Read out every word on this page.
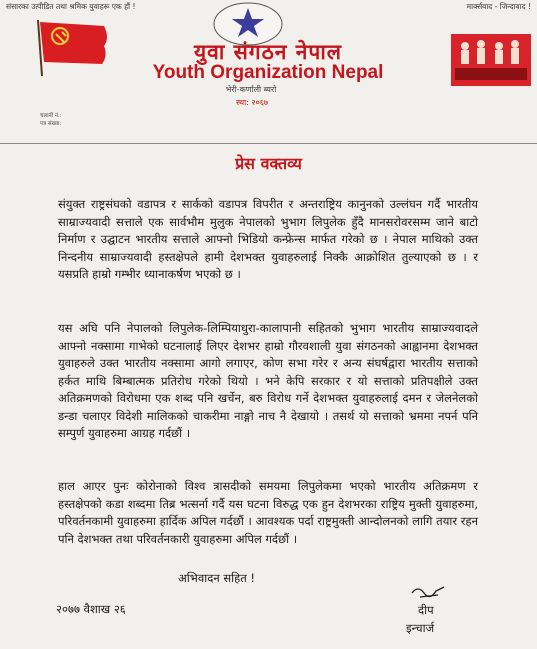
संसारका उत्पीडित तथा श्रमिक युवाहरू एक हौं !	मार्क्सवाद - जिन्दावाद !
युवा संगठन नेपाल
Youth Organization Nepal
भेरी-कर्णाली ब्यरो
स्था: २०६७
चलानी नं.:
पत्र संख्या:
प्रेस वक्तव्य
संयुक्त राष्ट्रसंघको वडापत्र र सार्कको वडापत्र विपरीत र अन्तराष्ट्रिय कानुनको उल्लंघन गर्दै भारतीय साम्राज्यवादी सत्ताले एक सार्वभौम मुलुक नेपालको भुभाग लिपुलेक हुँदै मानसरोवरसम्म जाने बाटो निर्माण र उद्घाटन भारतीय सत्ताले आफ्नो भिडियो कन्फ्रेन्स मार्फत गरेको छ । नेपाल माथिको उक्त निन्दनीय साम्राज्यवादी हस्तक्षेपले हामी देशभक्त युवाहरुलाई निक्कै आक्रोशित तुल्याएको छ । र यसप्रति हाम्रो गम्भीर ध्यानाकर्षण भएको छ ।
यस अघि पनि नेपालको लिपुलेक-लिम्पियाधुरा-कालापानी सहितको भुभाग भारतीय साम्राज्यवादले आफ्नो नक्सामा गाभेको घटनालाई लिएर देशभर हाम्रो गौरवशाली युवा संगठनको आह्वानमा देशभक्त युवाहरुले उक्त भारतीय नक्सामा आगो लगाएर, कोण सभा गरेर र अन्य संघर्षद्वारा भारतीय सत्ताको हर्कत माथि बिम्बात्मक प्रतिरोध गरेको थियो । भने केपि सरकार र यो सत्ताको प्रतिपक्षीले उक्त अतिक्रमणको विरोधमा एक शब्द पनि खर्चेन, बरु विरोध गर्ने देशभक्त युवाहरुलाई दमन र जेलनेलको डन्डा चलाएर विदेशी मालिकको चाकरीमा नाङ्गो नाच नै देखायो । तसर्थ यो सत्ताको भ्रममा नपर्न पनि सम्पुर्ण युवाहरुमा आग्रह गर्दछौं ।
हाल आएर पुनः कोरोनाको विश्व त्रासदीको समयमा लिपुलेकमा भएको भारतीय अतिक्रमण र हस्तक्षेपको कडा शब्दमा तिब्र भत्सर्ना गर्दै यस घटना विरुद्ध एक हुन देशभरका राष्ट्रिय मुक्ती युवाहरुमा, परिवर्तनकामी युवाहरुमा हार्दिक अपिल गर्दछौं । आवश्यक पर्दा राष्ट्रमुक्ती आन्दोलनको लागि तयार रहन पनि देशभक्त तथा परिवर्तनकारी युवाहरुमा अपिल गर्दछौं ।
अभिवादन सहित !
२०७७ वैशाख २६	दीप
इन्चार्ज
